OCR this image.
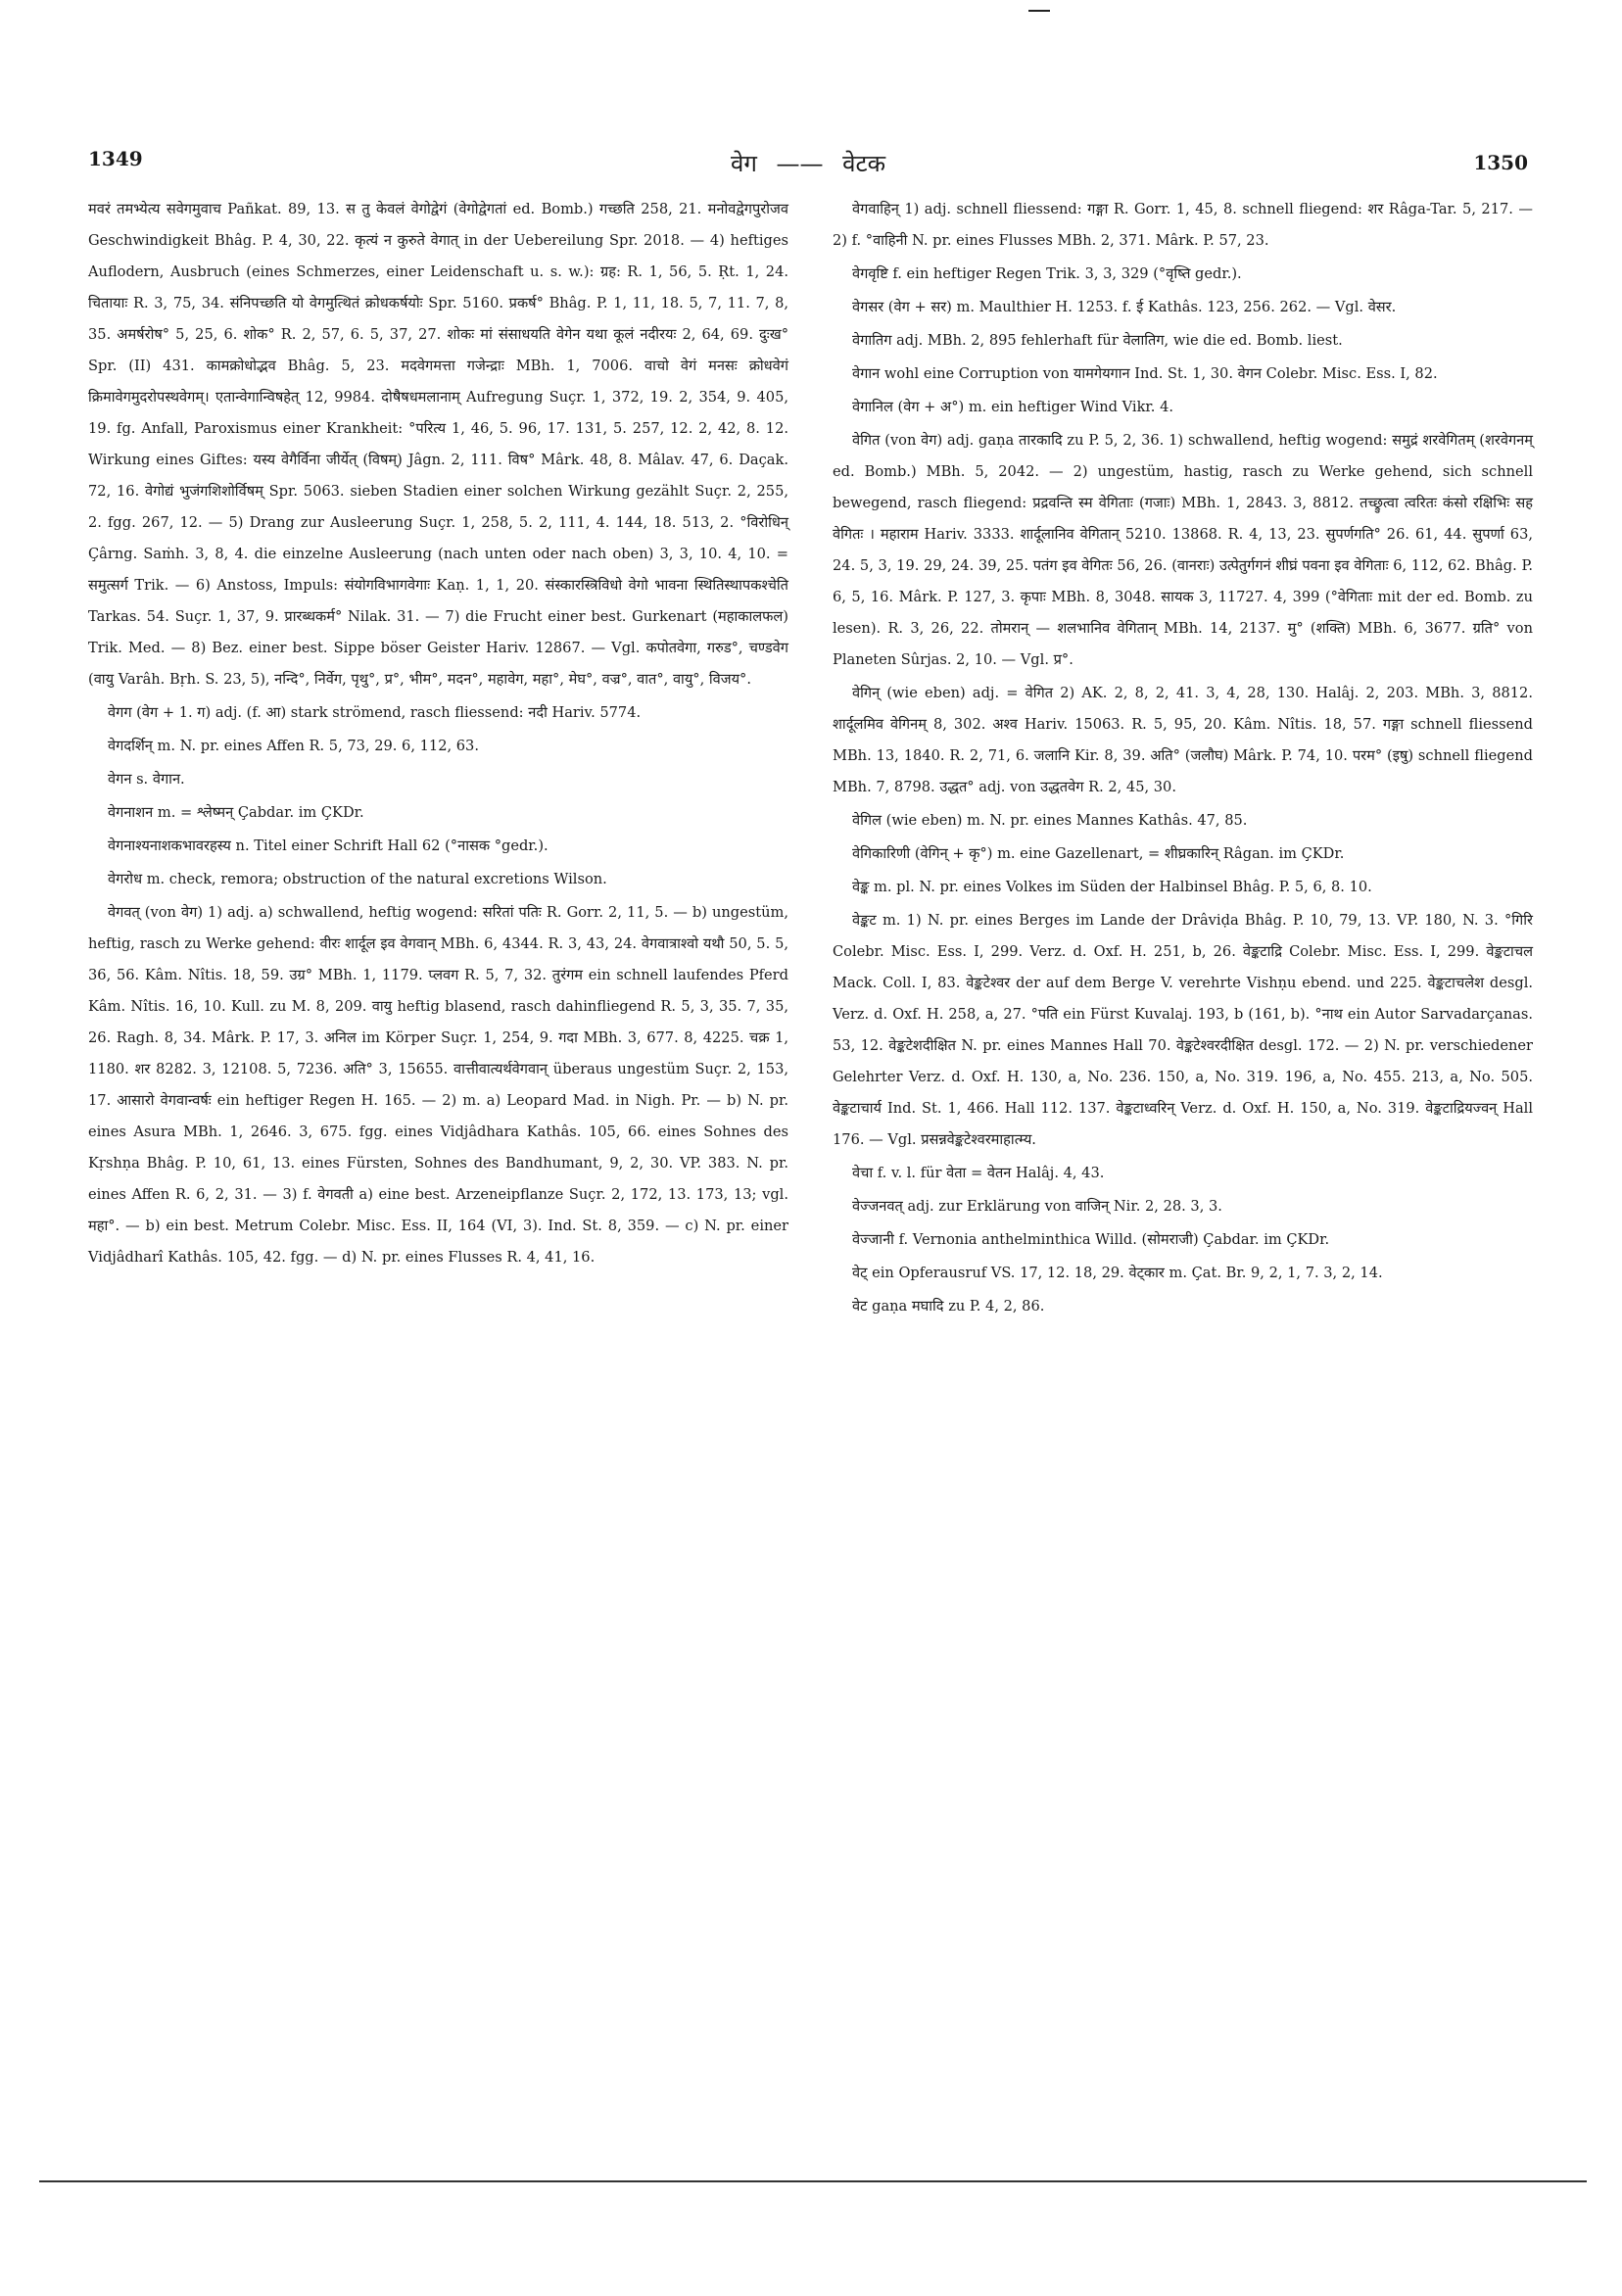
1349	वेग —— वेटक	1350

मवरं तमभ्येत्य सवेगमुवाच Pañkat. 89, 13. स तु केवलं वेगोद्वेगं (वेगोद्वेगतां ed. Bomb.) गच्छति 258, 21. मनोवद्वेगपुरोजव Geschwindigkeit Bhâg. P. 4, 30, 22. कृत्यं न कुरुते वेगात् in der Uebereilung Spr. 2018. — 4) heftiges Auflodern, Ausbruch (eines Schmerzes, einer Leidenschaft u. s. w.): ग्रह: R. 1, 56, 5. Ṛt. 1, 24. चितायाः R. 3, 75, 34. संनिपच्छति यो वेगमुत्थितं क्रोधकर्षयोः Spr. 5160. प्रकर्ष° Bhâg. P. 1, 11, 18. 5, 7, 11. 7, 8, 35. अमर्षरोष° 5, 25, 6. शोक° R. 2, 57, 6. 5, 37, 27. शोकः मां संसाधयति वेगेन यथा कूलं नदीरयः 2, 64, 69. दुःख° Spr. (II) 431. कामक्रोधोद्भव Bhâg. 5, 23. मदवेगमत्ता गजेन्द्राः MBh. 1, 7006. वाचो वेगं मनसः क्रोधवेगं क्रिमावेगमुदरोपस्थवेगम्। एतान्वेगान्विषहेत् 12, 9984. दोषैषधमलानाम् Aufregung Suçr. 1, 372, 19. 2, 354, 9. 405, 19. fg. Anfall, Paroxismus einer Krankheit: °परित्य 1, 46, 5. 96, 17. 131, 5. 257, 12. 2, 42, 8. 12. Wirkung eines Giftes: यस्य वेगैर्विना जीर्येत् (विषम्) Jâgn. 2, 111. विष° Mârk. 48, 8. Mâlav. 47, 6. Daçak. 72, 16. वेगोद्यं भुजंगशिशोर्विषम् Spr. 5063. sieben Stadien einer solchen Wirkung gezählt Suçr. 2, 255, 2. fgg. 267, 12. — 5) Drang zur Ausleerung Suçr. 1, 258, 5. 2, 111, 4. 144, 18. 513, 2. °विरोधिन् Çârng. Saṁh. 3, 8, 4. die einzelne Ausleerung (nach unten oder nach oben) 3, 3, 10. 4, 10. = समुत्सर्ग Trik. — 6) Anstoss, Impuls: संयोगविभागवेगाः Kaṇ. 1, 1, 20. संस्कारस्त्रिविधो वेगो भावना स्थितिस्थापकश्चेति Tarkas. 54. Suçr. 1, 37, 9. प्रारब्धकर्म° Nilak. 31. — 7) die Frucht einer best. Gurkenart (महाकालफल) Trik. Med. — 8) Bez. einer best. Sippe böser Geister Hariv. 12867. — Vgl. कपोतवेगा, गरुड°, चण्डवेग (वायु Varâh. Bṛh. S. 23, 5), नन्दि°, निर्वेग, पृथु°, प्र°, भीम°, मदन°, महावेग, महा°, मेघ°, वज्र°, वात°, वायु°, विजय°.

वेगग (वेग + 1. ग) adj. (f. आ) stark strömend, rasch fliessend: नदी Hariv. 5774.

वेगदर्शिन् m. N. pr. eines Affen R. 5, 73, 29. 6, 112, 63.

वेगन s. वेगान.

वेगनाशन m. = श्लेष्मन् Çabdar. im ÇKDr.

वेगनाश्यनाशकभावरहस्य n. Titel einer Schrift Hall 62 (°नासक °gedr.).

वेगरोध m. check, remora; obstruction of the natural excretions Wilson.

वेगवत् (von वेग) 1) adj. a) schwallend, heftig wogend: सरितां पतिः R. Gorr. 2, 11, 5. — b) ungestüm, heftig, rasch zu Werke gehend: वीरः शार्दूल इव वेगवान् MBh. 6, 4344. R. 3, 43, 24. वेगवात्राश्वो यथौ 50, 5. 5, 36, 56. Kâm. Nîtis. 18, 59. उग्र° MBh. 1, 1179. प्लवग R. 5, 7, 32. तुरंगम ein schnell laufendes Pferd Kâm. Nîtis. 16, 10. Kull. zu M. 8, 209. वायु heftig blasend, rasch dahinfliegend R. 5, 3, 35. 7, 35, 26. Ragh. 8, 34. Mârk. P. 17, 3. अनिल im Körper Suçr. 1, 254, 9. गदा MBh. 3, 677. 8, 4225. चक्र 1, 1180. शर 8282. 3, 12108. 5, 7236. अति° 3, 15655. वात्तीवात्यर्थवेगवान् überaus ungestüm Suçr. 2, 153, 17. आसारो वेगवान्वर्षः ein heftiger Regen H. 165. — 2) m. a) Leopard Mad. in Nigh. Pr. — b) N. pr. eines Asura MBh. 1, 2646. 3, 675. fgg. eines Vidjâdhara Kathâs. 105, 66. eines Sohnes des Kṛshṇa Bhâg. P. 10, 61, 13. eines Fürsten, Sohnes des Bandhumant, 9, 2, 30. VP. 383. N. pr. eines Affen R. 6, 2, 31. — 3) f. वेगवती a) eine best. Arzeneipflanze Suçr. 2, 172, 13. 173, 13; vgl. महा°. — b) ein best. Metrum Colebr. Misc. Ess. II, 164 (VI, 3). Ind. St. 8, 359. — c) N. pr. einer Vidjâdharî Kathâs. 105, 42. fgg. — d) N. pr. eines Flusses R. 4, 41, 16.

वेगवाहिन् 1) adj. schnell fliessend: गङ्गा R. Gorr. 1, 45, 8. schnell fliegend: शर Râga-Tar. 5, 217. — 2) f. °वाहिनी N. pr. eines Flusses MBh. 2, 371. Mârk. P. 57, 23.

वेगवृष्टि f. ein heftiger Regen Trik. 3, 3, 329 (°वृष्ति gedr.).

वेगसर (वेग + सर) m. Maulthier H. 1253. f. ई Kathâs. 123, 256. 262. — Vgl. वेसर.

वेगातिग adj. MBh. 2, 895 fehlerhaft für वेलातिग, wie die ed. Bomb. liest.

वेगान wohl eine Corruption von यामगेयगान Ind. St. 1, 30. वेगन Colebr. Misc. Ess. I, 82.

वेगानिल (वेग + अ°) m. ein heftiger Wind Vikr. 4.

वेगित (von वेग) adj. gaṇa तारकादि zu P. 5, 2, 36. 1) schwallend, heftig wogend: समुद्रं शरवेगितम् (शरवेगनम् ed. Bomb.) MBh. 5, 2042. — 2) ungestüm, hastig, rasch zu Werke gehend, sich schnell bewegend, rasch fliegend: प्रद्रवन्ति स्म वेगिताः (गजाः) MBh. 1, 2843. 3, 8812. तच्छ्रुत्वा त्वरितः कंसो रक्षिभिः सह वेगितः । महाराम Hariv. 3333. शार्दूलानिव वेगितान् 5210. 13868. R. 4, 13, 23. सुपर्णगति° 26. 61, 44. सुपर्णा 63, 24. 5, 3, 19. 29, 24. 39, 25. पतंग इव वेगितः 56, 26. (वानराः) उत्पेतुर्गगनं शीघ्रं पवना इव वेगिताः 6, 112, 62. Bhâg. P. 6, 5, 16. Mârk. P. 127, 3. कृपाः MBh. 8, 3048. सायक 3, 11727. 4, 399 (°वेगिताः mit der ed. Bomb. zu lesen). R. 3, 26, 22. तोमरान् — शलभानिव वेगितान् MBh. 14, 2137. मु° (शक्ति) MBh. 6, 3677. ग्रति° von Planeten Sûrjas. 2, 10. — Vgl. प्र°.

वेगिन् (wie eben) adj. = वेगित 2) AK. 2, 8, 2, 41. 3, 4, 28, 130. Halâj. 2, 203. MBh. 3, 8812. शार्दूलमिव वेगिनम् 8, 302. अश्व Hariv. 15063. R. 5, 95, 20. Kâm. Nîtis. 18, 57. गङ्गा schnell fliessend MBh. 13, 1840. R. 2, 71, 6. जलानि Kir. 8, 39. अति° (जलौघ) Mârk. P. 74, 10. परम° (इषु) schnell fliegend MBh. 7, 8798. उद्धत° adj. von उद्धतवेग R. 2, 45, 30.

वेगिल (wie eben) m. N. pr. eines Mannes Kathâs. 47, 85.

वेगिकारिणी (वेगिन् + कृ°) m. eine Gazellenart, = शीघ्रकारिन् Râgan. im ÇKDr.

वेङ्क m. pl. N. pr. eines Volkes im Süden der Halbinsel Bhâg. P. 5, 6, 8. 10.

वेङ्कट m. 1) N. pr. eines Berges im Lande der Drâviḍa Bhâg. P. 10, 79, 13. VP. 180, N. 3. °गिरि Colebr. Misc. Ess. I, 299. Verz. d. Oxf. H. 251, b, 26. वेङ्कटाद्रि Colebr. Misc. Ess. I, 299. वेङ्कटाचल Mack. Coll. I, 83. वेङ्कटेश्वर der auf dem Berge V. verehrte Vishṇu ebend. und 225. वेङ्कटाचलेश desgl. Verz. d. Oxf. H. 258, a, 27. °पति ein Fürst Kuvalaj. 193, b (161, b). °नाथ ein Autor Sarvadarçanas. 53, 12. वेङ्कटेशदीक्षित N. pr. eines Mannes Hall 70. वेङ्कटेश्वरदीक्षित desgl. 172. — 2) N. pr. verschiedener Gelehrter Verz. d. Oxf. H. 130, a, No. 236. 150, a, No. 319. 196, a, No. 455. 213, a, No. 505. वेङ्कटाचार्य Ind. St. 1, 466. Hall 112. 137. वेङ्कटाध्वरिन् Verz. d. Oxf. H. 150, a, No. 319. वेङ्कटाद्रियज्वन् Hall 176. — Vgl. प्रसन्नवेङ्कटेश्वरमाहात्म्य.

वेचा f. v. l. für वेता = वेतन Halâj. 4, 43.

वेज्जनवत् adj. zur Erklärung von वाजिन् Nir. 2, 28. 3, 3.

वेज्जानी f. Vernonia anthelminthica Willd. (सोमराजी) Çabdar. im ÇKDr.

वेट् ein Opferausruf VS. 17, 12. 18, 29. वेट्कार m. Çat. Br. 9, 2, 1, 7. 3, 2, 14.

वेट gaṇa मघादि zu P. 4, 2, 86.
